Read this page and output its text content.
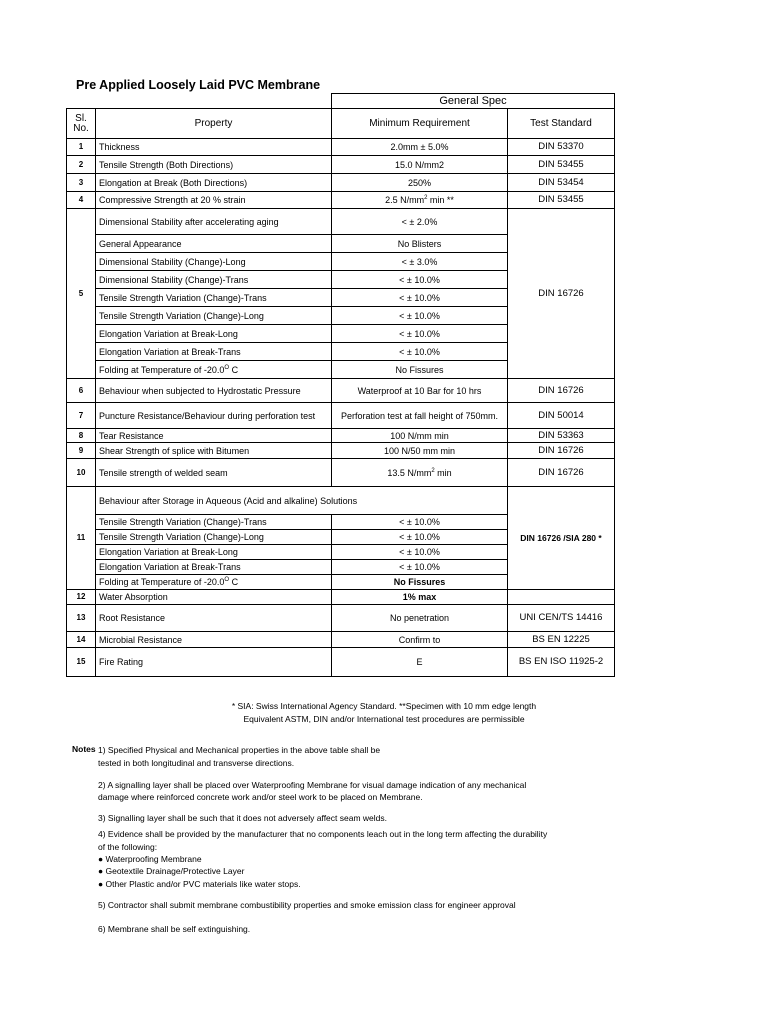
Pre Applied Loosely Laid PVC Membrane
		General Spec	
Sl. No.	Property	Minimum Requirement	Test Standard
1	Thickness	2.0mm ± 5.0%	DIN 53370
2	Tensile Strength (Both Directions)	15.0 N/mm2	DIN 53455
3	Elongation at Break (Both Directions)	250%	DIN 53454
4	Compressive Strength at 20 % strain	2.5 $N/mm^2$ min **	DIN 53455
5	Dimensional Stability after accelerating aging	< ± 2.0%	DIN 16726
	General Appearance	No Blisters	
	Dimensional Stability (Change)-Long	< ± 3.0%	
	Dimensional Stability (Change)-Trans	< ± 10.0%	
	Tensile Strength Variation (Change)-Trans	< ± 10.0%	
	Tensile Strength Variation (Change)-Long	< ± 10.0%	
	Elongation Variation at Break-Long	< ± 10.0%	
	Elongation Variation at Break-Trans	< ± 10.0%	
	Folding at Temperature of $-20.0^O$ C	No Fissures	
6	Behaviour when subjected to Hydrostatic Pressure	Waterproof at 10 Bar for 10 hrs	DIN 16726
7	Puncture Resistance/Behaviour during perforation test	Perforation test at fall height of 750mm.	DIN 50014
8	Tear Resistance	100 N/mm min	DIN 53363
9	Shear Strength of splice with Bitumen	100 N/50 mm min	DIN 16726
10	Tensile strength of welded seam	13.5 $N/mm^2$ min	DIN 16726
11	Behaviour after Storage in Aqueous (Acid and alkaline) Solutions		DIN 16726 /SIA 280 *
	Tensile Strength Variation (Change)-Trans	< ± 10.0%	
	Tensile Strength Variation (Change)-Long	< ± 10.0%	
	Elongation Variation at Break-Long	< ± 10.0%	
	Elongation Variation at Break-Trans	< ± 10.0%	
	Folding at Temperature of $-20.0^O$ C	No Fissures	
12	Water Absorption	1% max	
13	Root Resistance	No penetration	UNI CEN/TS 14416
14	Microbial Resistance	Confirm to	BS EN 12225
15	Fire Rating	E	BS EN ISO 11925-2
* SIA: Swiss International Agency Standard. **Specimen with 10 mm edge length
Equivalent ASTM, DIN and/or International test procedures are permissible
Notes 1) Specified Physical and Mechanical properties in the above table shall be
tested in both longitudinal and transverse directions.
2) A signalling layer shall be placed over Waterproofing Membrane for visual damage indication of any mechanical
damage where reinforced concrete work and/or steel work to be placed on Membrane.
3) Signalling layer shall be such that it does not adversely affect seam welds.
4) Evidence shall be provided by the manufacturer that no components leach out in the long term affecting the durability
of the following:
● Waterproofing Membrane
● Geotextile Drainage/Protective Layer
● Other Plastic and/or PVC materials like water stops.
5) Contractor shall submit membrane combustibility properties and smoke emission class for engineer approval
6) Membrane shall be self extinguishing.
